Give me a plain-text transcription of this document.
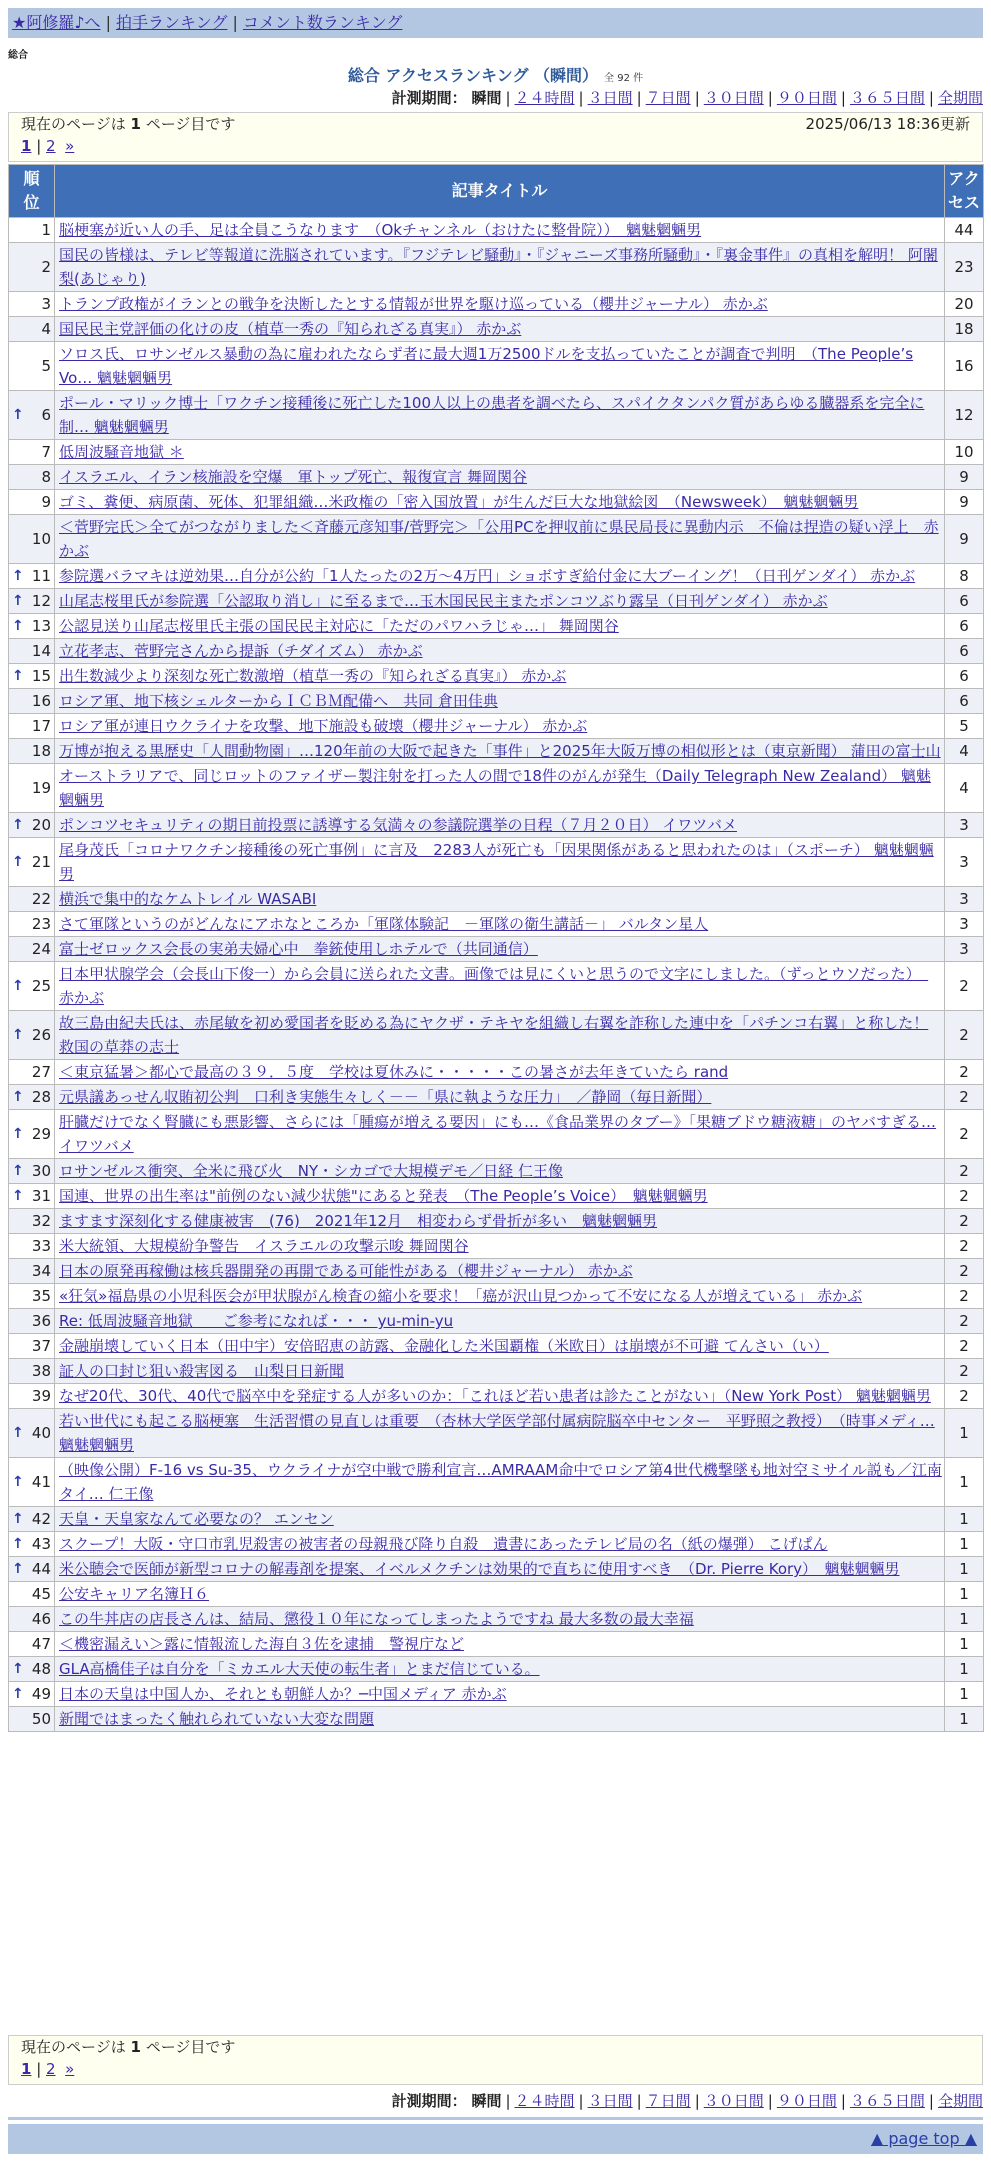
★阿修羅♪へ | 拍手ランキング | コメント数ランキング
総合
総合 アクセスランキング （瞬間） 全 92 件
計測期間： 瞬間 | ２４時間 | ３日間 | ７日間 | ３０日間 | ９０日間 | ３６５日間 | 全期間
現在のページは 1 ページ目です	2025/06/13 18:36更新
1 | 2 »
順位	記事タイトル	アクセス
1	脳梗塞が近い人の手、足は全員こうなります　（Okチャンネル（おけたに整骨院））　魑魅魍魎男	44
2	国民の皆様は、テレビ等報道に洗脳されています。『フジテレビ騒動』・『ジャニーズ事務所騒動』・『裏金事件』の真相を解明！ 阿闍梨(あじゃり)	23
3	トランプ政権がイランとの戦争を決断したとする情報が世界を駆け巡っている（櫻井ジャーナル） 赤かぶ	20
4	国民民主党評価の化けの皮（植草一秀の『知られざる真実』） 赤かぶ	18
5	ソロス氏、ロサンゼルス暴動の為に雇われたならず者に最大週1万2500ドルを支払っていたことが調査で判明　（The People’s Vo… 魑魅魍魎男	16

↑ 6	ポール・マリック博士「ワクチン接種後に死亡した100人以上の患者を調べたら、スパイクタンパク質があらゆる臓器系を完全に制… 魑魅魍魎男	12
7	低周波騒音地獄 ＊	10
8	イスラエル、イラン核施設を空爆　軍トップ死亡、報復宣言 舞岡関谷	9
9	ゴミ、糞便、病原菌、死体、犯罪組織…米政権の「密入国放置」が生んだ巨大な地獄絵図　（Newsweek）　魑魅魍魎男	9
10	＜菅野完氏＞全てがつながりました＜斉藤元彦知事/菅野完＞「公用PCを押収前に県民局長に異動内示　不倫は捏造の疑い浮上　赤かぶ	9

↑ 11	参院選バラマキは逆効果…自分が公約「1人たったの2万～4万円」ショボすぎ給付金に大ブーイング！（日刊ゲンダイ） 赤かぶ	8

↑ 12	山尾志桜里氏が参院選「公認取り消し」に至るまで…玉木国民民主またポンコツぶり露呈（日刊ゲンダイ） 赤かぶ	6

↑ 13	公認見送り山尾志桜里氏主張の国民民主対応に「ただのパワハラじゃ…」 舞岡関谷	6
14	立花孝志、菅野完さんから提訴（チダイズム） 赤かぶ	6

↑ 15	出生数減少より深刻な死亡数激増（植草一秀の『知られざる真実』） 赤かぶ	6
16	ロシア軍、地下核シェルターからＩＣＢＭ配備へ　共同 倉田佳典	6
17	ロシア軍が連日ウクライナを攻撃、地下施設も破壊（櫻井ジャーナル） 赤かぶ	5
18	万博が抱える黒歴史「人間動物園」…120年前の大阪で起きた「事件」と2025年大阪万博の相似形とは（東京新聞） 蒲田の富士山	4
19	オーストラリアで、同じロットのファイザー製注射を打った人の間で18件のがんが発生（Daily Telegraph New Zealand） 魑魅魍魎男	4

↑ 20	ポンコツセキュリティの期日前投票に誘導する気満々の参議院選挙の日程（７月２０日） イワツバメ	3

↑ 21	尾身茂氏「コロナワクチン接種後の死亡事例」に言及　2283人が死亡も「因果関係があると思われたのは」（スポーチ） 魑魅魍魎男	3
22	横浜で集中的なケムトレイル WASABI	3
23	さて軍隊というのがどんなにアホなところか「軍隊体験記　－軍隊の衛生講話－」 バルタン星人	3
24	富士ゼロックス会長の実弟夫婦心中　拳銃使用しホテルで（共同通信）	3

↑ 25	日本甲状腺学会（会長山下俊一）から会員に送られた文書。画像では見にくいと思うので文字にしました。（ずっとウソだった）　赤かぶ	2

↑ 26	故三島由紀夫氏は、赤尾敏を初め愛国者を貶める為にヤクザ・テキヤを組織し右翼を詐称した連中を「パチンコ右翼」と称した！ 救国の草莽の志士	2
27	＜東京猛暑＞都心で最高の３９．５度　学校は夏休みに・・・・・この暑さが去年きていたら rand	2

↑ 28	元県議あっせん収賄初公判　口利き実態生々しく－－「県に執ような圧力」　／静岡（毎日新聞）	2

↑ 29	肝臓だけでなく腎臓にも悪影響、さらには「腫瘍が増える要因」にも…《食品業界のタブー》「果糖ブドウ糖液糖」のヤバすぎる… イワツバメ	2

↑ 30	ロサンゼルス衝突、全米に飛び火　NY・シカゴで大規模デモ／日経 仁王像	2

↑ 31	国連、世界の出生率は"前例のない減少状態"にあると発表　（The People’s Voice）　魑魅魍魎男	2
32	ますます深刻化する健康被害　(76)　2021年12月　相変わらず骨折が多い　魑魅魍魎男	2
33	米大統領、大規模紛争警告　イスラエルの攻撃示唆 舞岡関谷	2
34	日本の原発再稼働は核兵器開発の再開である可能性がある（櫻井ジャーナル） 赤かぶ	2
35	«狂気»福島県の小児科医会が甲状腺がん検査の縮小を要求！「癌が沢山見つかって不安になる人が増えている」 赤かぶ	2
36	Re: 低周波騒音地獄　　ご参考になれば・・・ yu-min-yu	2
37	金融崩壊していく日本（田中宇）安倍昭恵の訪露、金融化した米国覇権（米欧日）は崩壊が不可避 てんさい（い）	2
38	証人の口封じ狙い殺害図る　山梨日日新聞	2
39	なぜ20代、30代、40代で脳卒中を発症する人が多いのか：「これほど若い患者は診たことがない」（New York Post） 魑魅魍魎男	2

↑ 40	若い世代にも起こる脳梗塞　生活習慣の見直しは重要　（杏林大学医学部付属病院脳卒中センター　平野照之教授）　（時事メディ… 魑魅魍魎男	1

↑ 41	（映像公開）F-16 vs Su-35、ウクライナが空中戦で勝利宣言…AMRAAM命中でロシア第4世代機撃墜も地対空ミサイル説も／江南タイ… 仁王像	1

↑ 42	天皇・天皇家なんて必要なの？ エンセン	1

↑ 43	スクープ！大阪・守口市乳児殺害の被害者の母親飛び降り自殺　遺書にあったテレビ局の名（紙の爆弾） こげぱん	1

↑ 44	米公聴会で医師が新型コロナの解毒剤を提案、イベルメクチンは効果的で直ちに使用すべき　（Dr. Pierre Kory）　魑魅魍魎男	1
45	公安キャリア名簿Ｈ６	1
46	この牛丼店の店長さんは、結局、懲役１０年になってしまったようですね 最大多数の最大幸福	1
47	＜機密漏えい＞露に情報流した海自３佐を逮捕　警視庁など	1

↑ 48	GLA高橋佳子は自分を「ミカエル大天使の転生者」とまだ信じている。	1

↑ 49	日本の天皇は中国人か、それとも朝鮮人か？─中国メディア 赤かぶ	1
50	新聞ではまったく触れられていない大変な問題	1
現在のページは 1 ページ目です
1 | 2 »
計測期間： 瞬間 | ２４時間 | ３日間 | ７日間 | ３０日間 | ９０日間 | ３６５日間 | 全期間
▲ page top ▲
